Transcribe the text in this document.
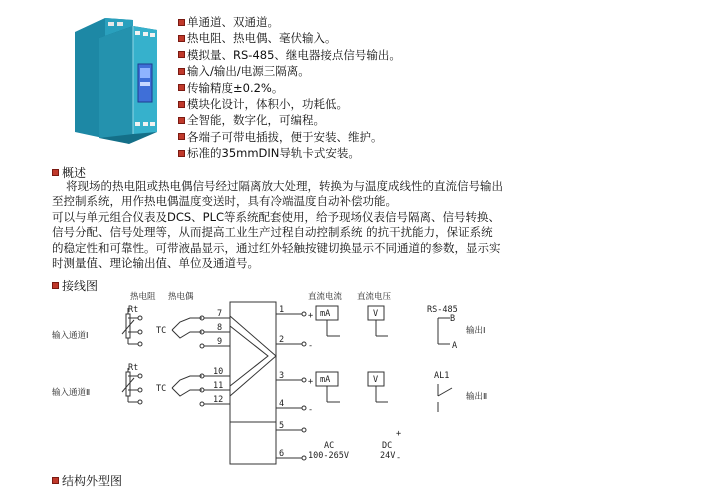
单通道、双通道。
热电阻、热电偶、毫伏输入。
模拟量、RS-485、继电器接点信号输出。
输入/输出/电源三隔离。
传输精度±0.2%。
模块化设计，体积小，功耗低。
全智能，数字化，可编程。
各端子可带电插拔，便于安装、维护。
标准的35mmDIN导轨卡式安装。
概述

将现场的热电阻或热电偶信号经过隔离放大处理，转换为与温度成线性的直流信号输出至控制系统，用作热电偶温度变送时，具有冷端温度自动补偿功能。

可以与单元组合仪表及DCS、PLC等系统配套使用，给予现场仪表信号隔离、信号转换、信号分配、信号处理等，从而提高工业生产过程自动控制系统 的抗干扰能力，保证系统的稳定性和可靠性。可带液晶显示，通过红外轻触按键切换显示不同通道的参数，显示实时测量值、理论输出值、单位及通道号。

接线图
热电阻 热电偶	直流电流 直流电压
RS-485
输入通道Ⅰ
输入通道Ⅱ
输出Ⅰ
输出Ⅱ
7
8
9
10
11
12
Rt
TC
Rt
TC
1
2
3
4
5
6
+
-
+
-
mA	V	B
A
mA	V	AL1
AC
100-265V
DC
24V
+
-
结构外型图
